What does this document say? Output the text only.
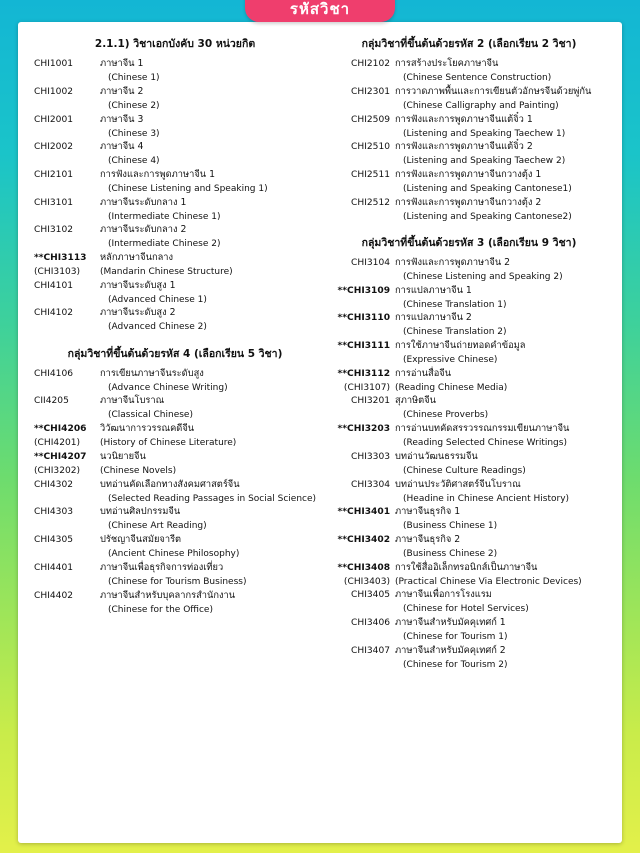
รหัสวิชา
2.1.1) วิชาเอกบังคับ 30 หน่วยกิต
CHI1001	ภาษาจีน 1
(Chinese 1)
CHI1002	ภาษาจีน 2
(Chinese 2)
CHI2001	ภาษาจีน 3
(Chinese 3)
CHI2002	ภาษาจีน 4
(Chinese 4)
CHI2101	การฟังและการพูดภาษาจีน 1
(Chinese Listening and Speaking 1)
CHI3101	ภาษาจีนระดับกลาง 1
(Intermediate Chinese 1)
CHI3102	ภาษาจีนระดับกลาง 2
(Intermediate Chinese 2)
**CHI3113	หลักภาษาจีนกลาง
(CHI3103)	(Mandarin Chinese Structure)
CHI4101	ภาษาจีนระดับสูง 1
(Advanced Chinese 1)
CHI4102	ภาษาจีนระดับสูง 2
(Advanced Chinese 2)
กลุ่มวิชาที่ขึ้นต้นด้วยรหัส 4 (เลือกเรียน 5 วิชา)
CHI4106	การเขียนภาษาจีนระดับสูง
(Advance Chinese Writing)
CII4205	ภาษาจีนโบราณ
(Classical Chinese)
**CHI4206	วิวัฒนาการวรรณคดีจีน
(CHI4201)	(History of Chinese Literature)
**CHI4207	นวนิยายจีน
(CHI3202)	(Chinese Novels)
CHI4302	บทอ่านคัดเลือกทางสังคมศาสตร์จีน
(Selected Reading Passages in Social Science)
CHI4303	บทอ่านศิลปกรรมจีน
(Chinese Art Reading)
CHI4305	ปรัชญาจีนสมัยจารีต
(Ancient Chinese Philosophy)
CHI4401	ภาษาจีนเพื่อธุรกิจการท่องเที่ยว
(Chinese for Tourism Business)
CHI4402	ภาษาจีนสำหรับบุคลากรสำนักงาน
(Chinese for the Office)
กลุ่มวิชาที่ขึ้นต้นด้วยรหัส 2 (เลือกเรียน 2 วิชา)
CHI2102 การสร้างประโยคภาษาจีน
(Chinese Sentence Construction)
CHI2301 การวาดภาพพื้นและการเขียนตัวอักษรจีนด้วยพู่กัน
(Chinese Calligraphy and Painting)
CHI2509 การฟังและการพูดภาษาจีนแต้จิ๋ว 1
(Listening and Speaking Taechew 1)
CHI2510 การฟังและการพูดภาษาจีนแต้จิ๋ว 2
(Listening and Speaking Taechew 2)
CHI2511 การฟังและการพูดภาษาจีนกวางตุ้ง 1
(Listening and Speaking Cantonese1)
CHI2512 การฟังและการพูดภาษาจีนกวางตุ้ง 2
(Listening and Speaking Cantonese2)
กลุ่มวิชาที่ขึ้นต้นด้วยรหัส 3 (เลือกเรียน 9 วิชา)
CHI3104 การฟังและการพูดภาษาจีน 2
(Chinese Listening and Speaking 2)
**CHI3109 การแปลภาษาจีน 1
(Chinese Translation 1)
**CHI3110 การแปลภาษาจีน 2
(Chinese Translation 2)
**CHI3111 การใช้ภาษาจีนถ่ายทอดคำข้อมูล
(Expressive Chinese)
**CHI3112 การอ่านสื่อจีน
(CHI3107) (Reading Chinese Media)
CHI3201 สุภาษิตจีน
(Chinese Proverbs)
**CHI3203 การอ่านบทคัดสรรวรรณกรรมเขียนภาษาจีน
(Reading Selected Chinese Writings)
CHI3303 บทอ่านวัฒนธรรมจีน
(Chinese Culture Readings)
CHI3304 บทอ่านประวัติศาสตร์จีนโบราณ
(Headine in Chinese Ancient History)
**CHI3401 ภาษาจีนธุรกิจ 1
(Business Chinese 1)
**CHI3402 ภาษาจีนธุรกิจ 2
(Business Chinese 2)
**CHI3408 การใช้สื่ออิเล็กทรอนิกส์เป็นภาษาจีน
(CHI3403) (Practical Chinese Via Electronic Devices)
CHI3405 ภาษาจีนเพื่อการโรงแรม
(Chinese for Hotel Services)
CHI3406 ภาษาจีนสำหรับมัคคุเทศก์ 1
(Chinese for Tourism 1)
CHI3407 ภาษาจีนสำหรับมัคคุเทศก์ 2
(Chinese for Tourism 2)
